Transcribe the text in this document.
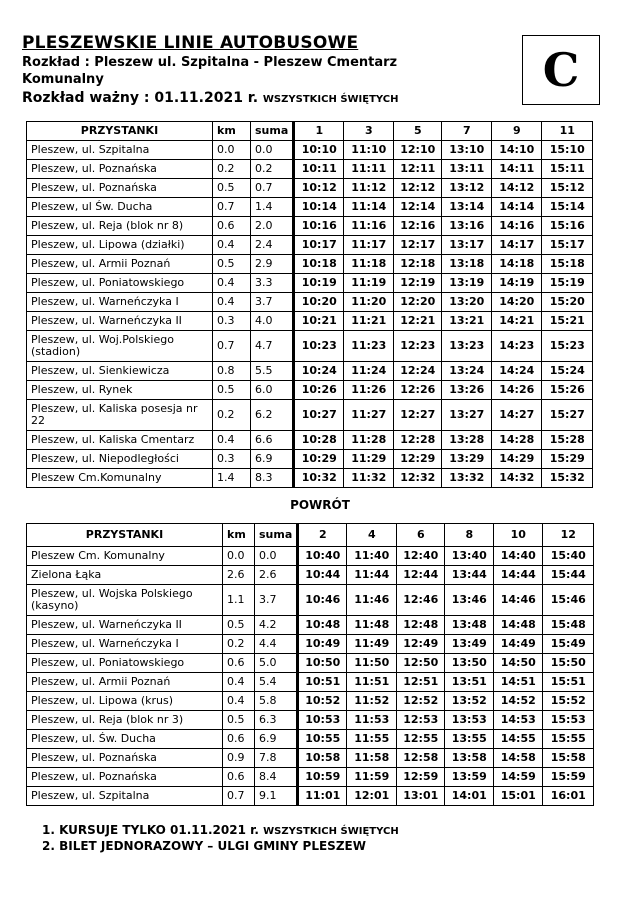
PLESZEWSKIE LINIE AUTOBUSOWE
Rozkład : Pleszew ul. Szpitalna - Pleszew Cmentarz
Komunalny
Rozkład ważny : 01.11.2021 r. WSZYSTKICH ŚWIĘTYCH
C
PRZYSTANKI	km	suma	1	3	5	7	9	11
Pleszew, ul. Szpitalna	0.0	0.0	10:10	11:10	12:10	13:10	14:10	15:10
Pleszew, ul. Poznańska	0.2	0.2	10:11	11:11	12:11	13:11	14:11	15:11
Pleszew, ul. Poznańska	0.5	0.7	10:12	11:12	12:12	13:12	14:12	15:12
Pleszew, ul Św. Ducha	0.7	1.4	10:14	11:14	12:14	13:14	14:14	15:14
Pleszew, ul. Reja (blok nr 8)	0.6	2.0	10:16	11:16	12:16	13:16	14:16	15:16
Pleszew, ul. Lipowa (działki)	0.4	2.4	10:17	11:17	12:17	13:17	14:17	15:17
Pleszew, ul. Armii Poznań	0.5	2.9	10:18	11:18	12:18	13:18	14:18	15:18
Pleszew, ul. Poniatowskiego	0.4	3.3	10:19	11:19	12:19	13:19	14:19	15:19
Pleszew, ul. Warneńczyka I	0.4	3.7	10:20	11:20	12:20	13:20	14:20	15:20
Pleszew, ul. Warneńczyka II	0.3	4.0	10:21	11:21	12:21	13:21	14:21	15:21
Pleszew, ul. Woj.Polskiego (stadion)	0.7	4.7	10:23	11:23	12:23	13:23	14:23	15:23
Pleszew, ul. Sienkiewicza	0.8	5.5	10:24	11:24	12:24	13:24	14:24	15:24
Pleszew, ul. Rynek	0.5	6.0	10:26	11:26	12:26	13:26	14:26	15:26
Pleszew, ul. Kaliska posesja nr 22	0.2	6.2	10:27	11:27	12:27	13:27	14:27	15:27
Pleszew, ul. Kaliska Cmentarz	0.4	6.6	10:28	11:28	12:28	13:28	14:28	15:28
Pleszew, ul. Niepodległości	0.3	6.9	10:29	11:29	12:29	13:29	14:29	15:29
Pleszew Cm.Komunalny	1.4	8.3	10:32	11:32	12:32	13:32	14:32	15:32
POWRÓT
PRZYSTANKI	km	suma	2	4	6	8	10	12
Pleszew Cm. Komunalny	0.0	0.0	10:40	11:40	12:40	13:40	14:40	15:40
Zielona Łąka	2.6	2.6	10:44	11:44	12:44	13:44	14:44	15:44
Pleszew, ul. Wojska Polskiego (kasyno)	1.1	3.7	10:46	11:46	12:46	13:46	14:46	15:46
Pleszew, ul. Warneńczyka II	0.5	4.2	10:48	11:48	12:48	13:48	14:48	15:48
Pleszew, ul. Warneńczyka I	0.2	4.4	10:49	11:49	12:49	13:49	14:49	15:49
Pleszew, ul. Poniatowskiego	0.6	5.0	10:50	11:50	12:50	13:50	14:50	15:50
Pleszew, ul. Armii Poznań	0.4	5.4	10:51	11:51	12:51	13:51	14:51	15:51
Pleszew, ul. Lipowa (krus)	0.4	5.8	10:52	11:52	12:52	13:52	14:52	15:52
Pleszew, ul. Reja (blok nr 3)	0.5	6.3	10:53	11:53	12:53	13:53	14:53	15:53
Pleszew, ul. Św. Ducha	0.6	6.9	10:55	11:55	12:55	13:55	14:55	15:55
Pleszew, ul. Poznańska	0.9	7.8	10:58	11:58	12:58	13:58	14:58	15:58
Pleszew, ul. Poznańska	0.6	8.4	10:59	11:59	12:59	13:59	14:59	15:59
Pleszew, ul. Szpitalna	0.7	9.1	11:01	12:01	13:01	14:01	15:01	16:01
1. KURSUJE TYLKO 01.11.2021 r. WSZYSTKICH ŚWIĘTYCH
2. BILET JEDNORAZOWY – ULGI GMINY PLESZEW
